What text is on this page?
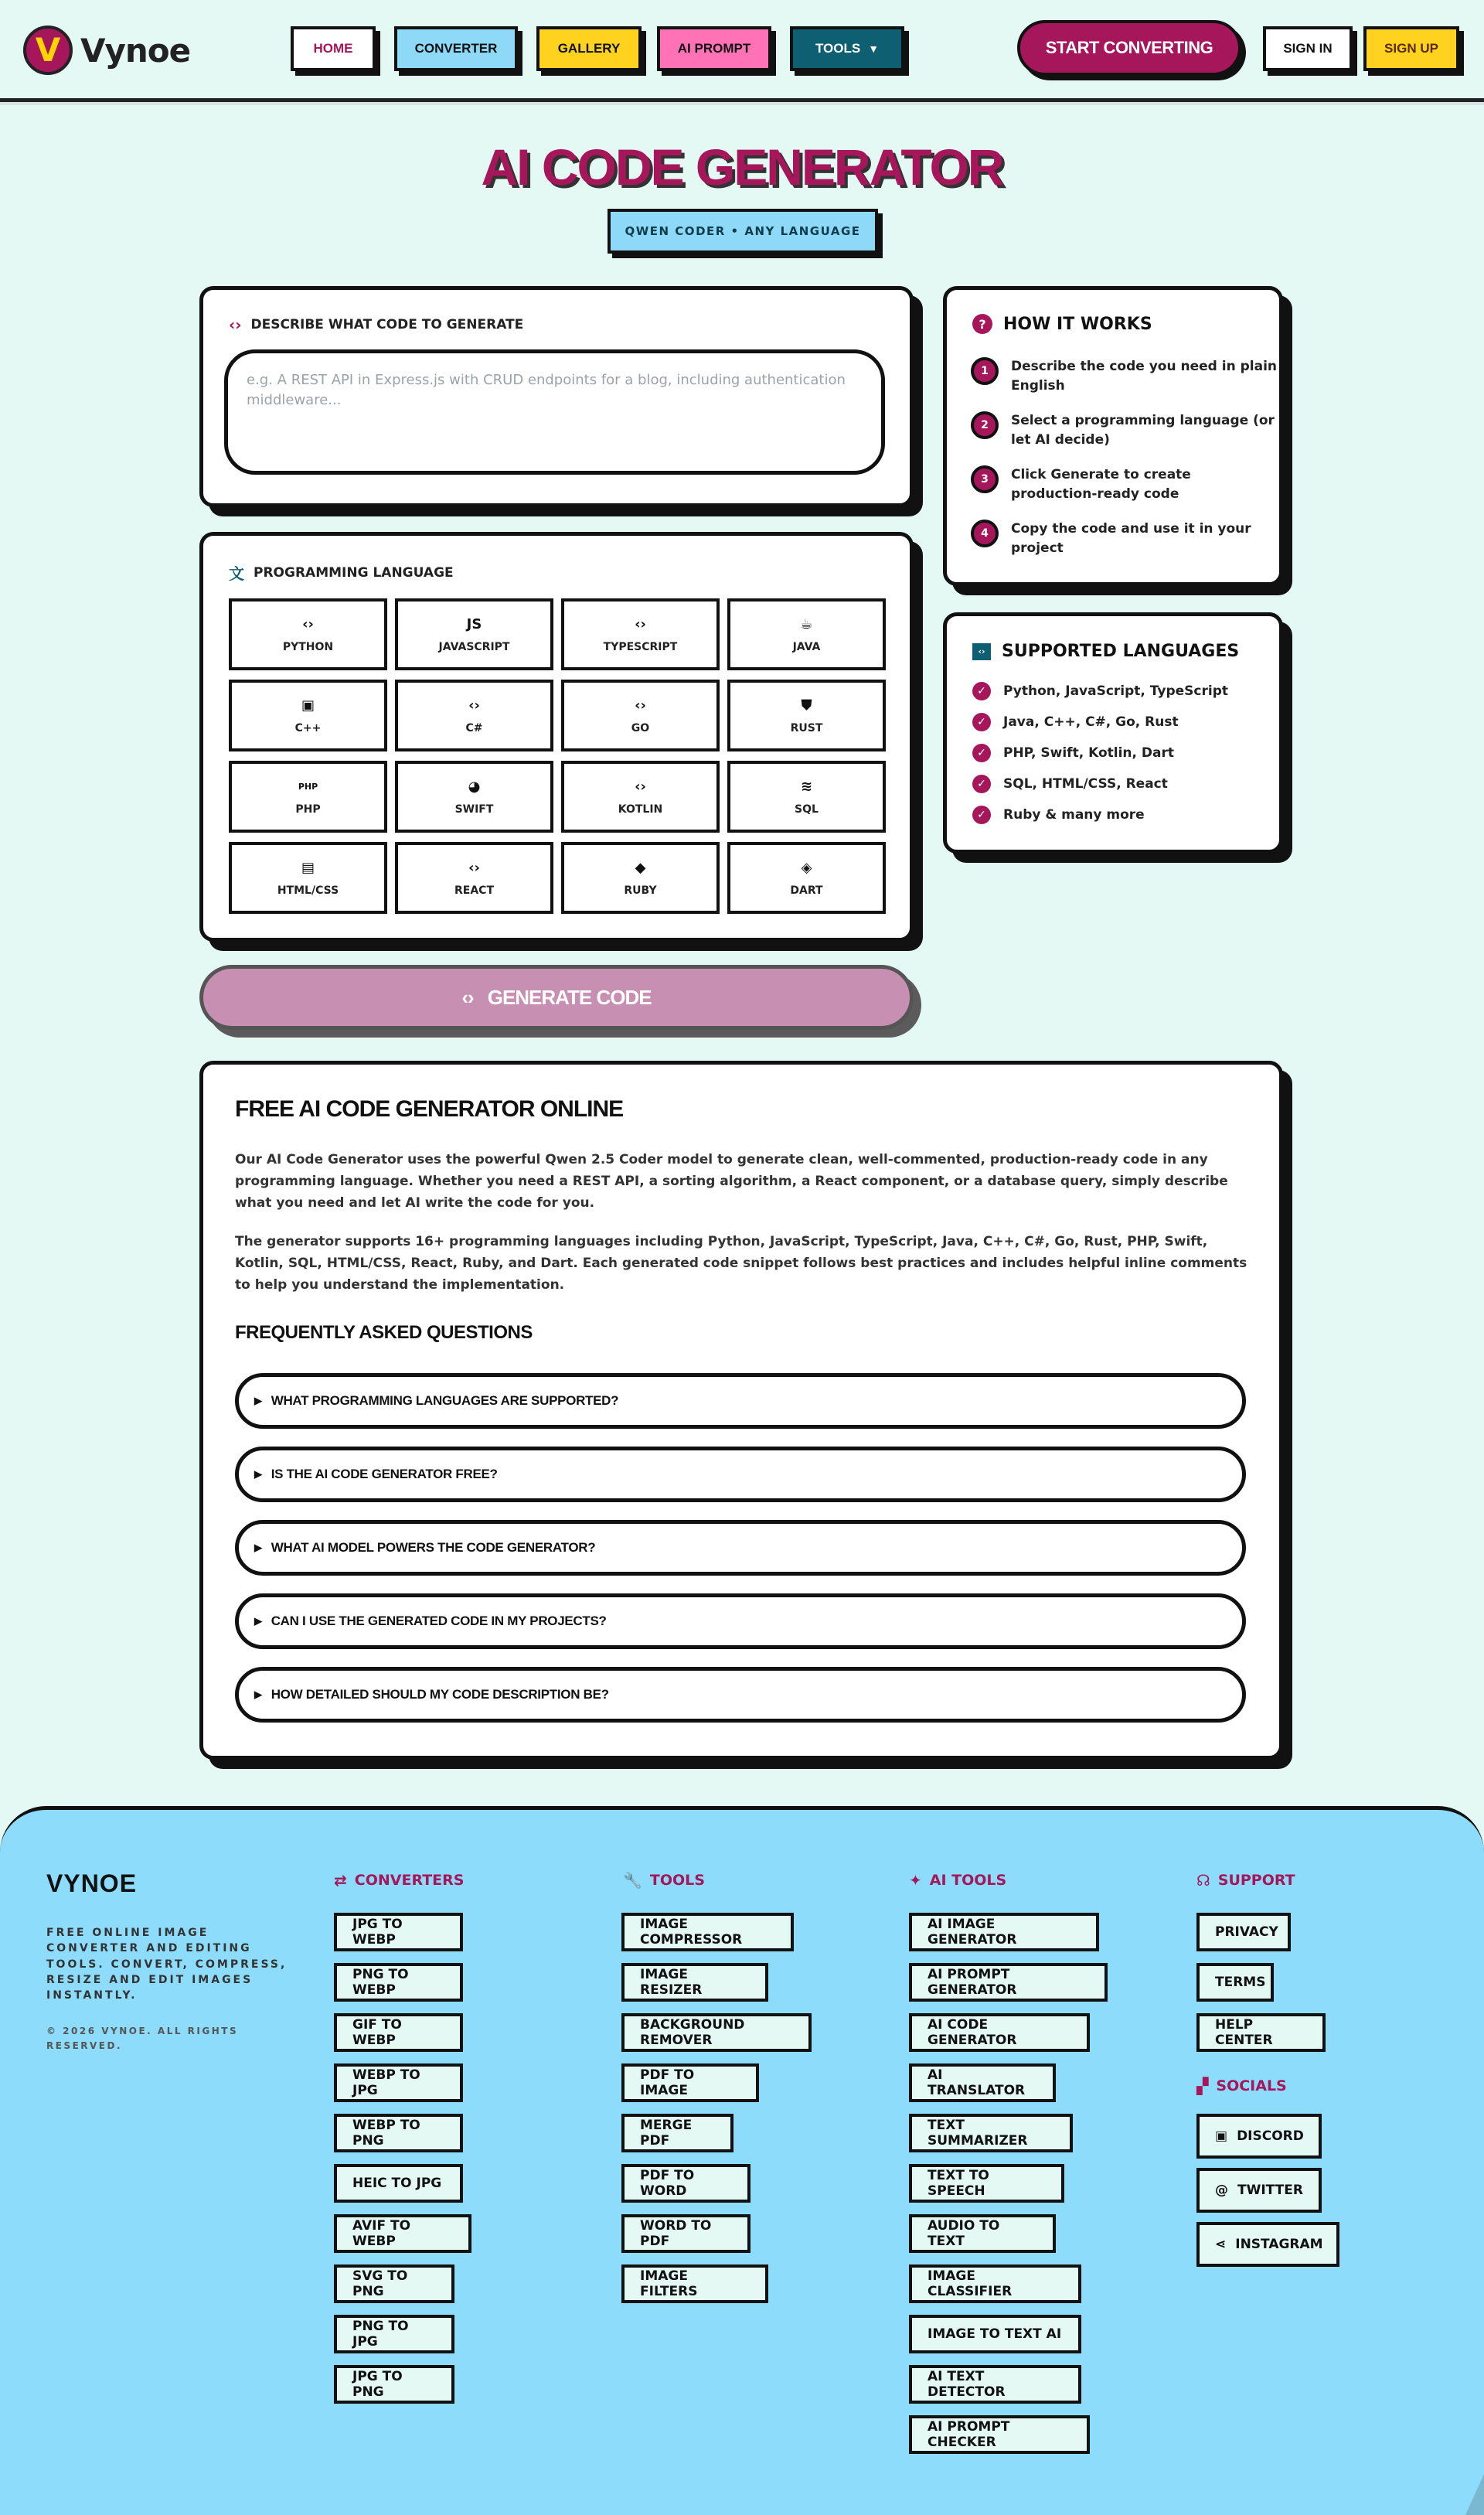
V Vynoe	HOME	CONVERTER	GALLERY	AI PROMPT	TOOLS ▼	START CONVERTING	SIGN IN	SIGN UP
AI CODE GENERATOR
QWEN CODER • ANY LANGUAGE
‹› DESCRIBE WHAT CODE TO GENERATE
e.g. A REST API in Express.js with CRUD endpoints for a blog, including authentication middleware...
文 PROGRAMMING LANGUAGE
‹›
PYTHON
JS
JAVASCRIPT
‹›
TYPESCRIPT
☕
JAVA
▣
C++
‹›
C#
‹›
GO
⛊
RUST
PHP
PHP
◕
SWIFT
‹›
KOTLIN
≋
SQL
▤
HTML/CSS
‹›
REACT
◆
RUBY
◈
DART
‹› GENERATE CODE
?	HOW IT WORKS
1	Describe the code you need in plain English
2	Select a programming language (or let AI decide)
3	Click Generate to create production-ready code
4	Copy the code and use it in your project
‹› SUPPORTED LANGUAGES
✓	Python, JavaScript, TypeScript
✓	Java, C++, C#, Go, Rust
✓	PHP, Swift, Kotlin, Dart
✓	SQL, HTML/CSS, React
✓	Ruby & many more
FREE AI CODE GENERATOR ONLINE
Our AI Code Generator uses the powerful Qwen 2.5 Coder model to generate clean, well-commented, production-ready code in any programming language. Whether you need a REST API, a sorting algorithm, a React component, or a database query, simply describe what you need and let AI write the code for you.
The generator supports 16+ programming languages including Python, JavaScript, TypeScript, Java, C++, C#, Go, Rust, PHP, Swift, Kotlin, SQL, HTML/CSS, React, Ruby, and Dart. Each generated code snippet follows best practices and includes helpful inline comments to help you understand the implementation.
FREQUENTLY ASKED QUESTIONS
▶ WHAT PROGRAMMING LANGUAGES ARE SUPPORTED?
▶ IS THE AI CODE GENERATOR FREE?
▶ WHAT AI MODEL POWERS THE CODE GENERATOR?
▶ CAN I USE THE GENERATED CODE IN MY PROJECTS?
▶ HOW DETAILED SHOULD MY CODE DESCRIPTION BE?
VYNOE
FREE ONLINE IMAGE CONVERTER AND EDITING TOOLS. CONVERT, COMPRESS, RESIZE AND EDIT IMAGES INSTANTLY.
© 2026 VYNOE. ALL RIGHTS RESERVED.
⇄ CONVERTERS	🔧 TOOLS	✦ AI TOOLS	☊ SUPPORT
▞ SOCIALS
JPG TO WEBP
PNG TO WEBP
GIF TO WEBP
WEBP TO JPG
WEBP TO PNG
HEIC TO JPG
AVIF TO WEBP
SVG TO PNG
PNG TO JPG
JPG TO PNG
IMAGE COMPRESSOR
IMAGE RESIZER
BACKGROUND REMOVER
PDF TO IMAGE
MERGE PDF
PDF TO WORD
WORD TO PDF
IMAGE FILTERS
AI IMAGE GENERATOR
AI PROMPT GENERATOR
AI CODE GENERATOR
AI TRANSLATOR
TEXT SUMMARIZER
TEXT TO SPEECH
AUDIO TO TEXT
IMAGE CLASSIFIER
IMAGE TO TEXT AI
AI TEXT DETECTOR
AI PROMPT CHECKER
PRIVACY
TERMS
HELP CENTER
▣ DISCORD
@ TWITTER
⋖ INSTAGRAM
